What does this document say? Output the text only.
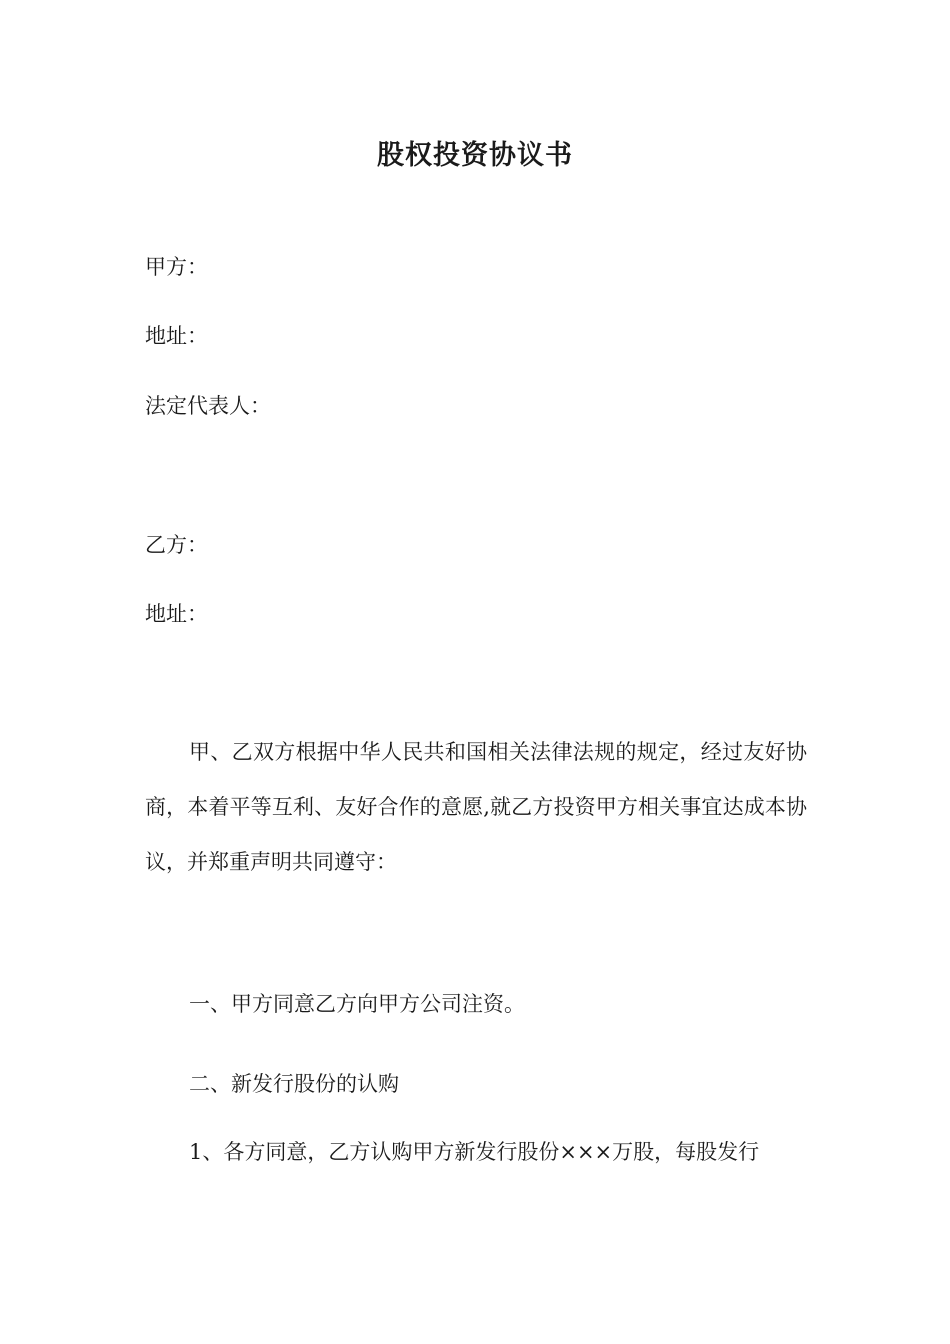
股权投资协议书
甲方：
地址：
法定代表人：
乙方：
地址：
甲、乙双方根据中华人民共和国相关法律法规的规定，经过友好协商，本着平等互利、友好合作的意愿,就乙方投资甲方相关事宜达成本协议，并郑重声明共同遵守：
一、甲方同意乙方向甲方公司注资。
二、新发行股份的认购
1、各方同意，乙方认购甲方新发行股份×××万股，每股发行
